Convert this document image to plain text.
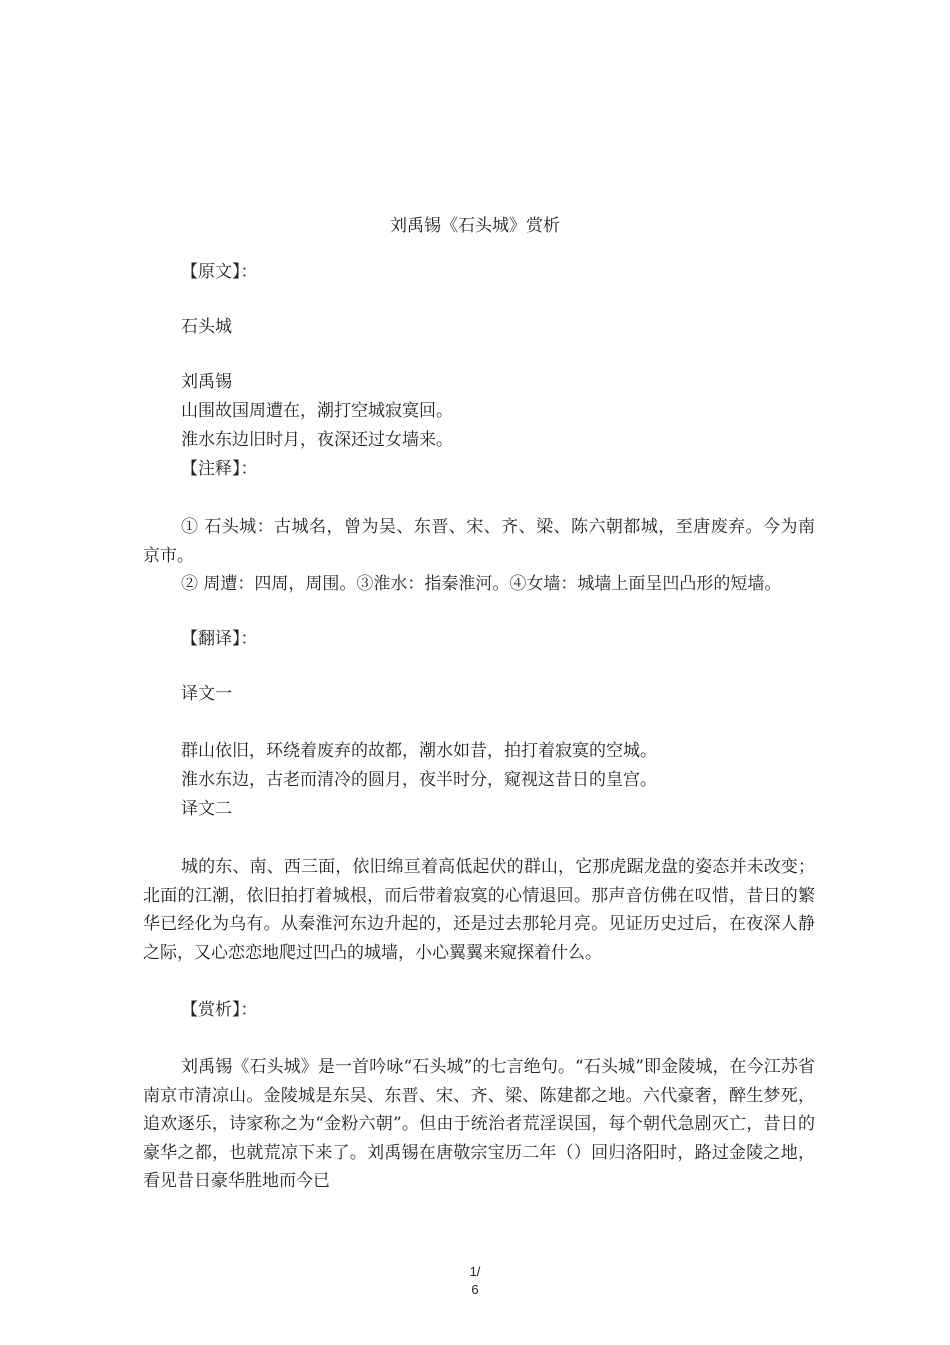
刘禹锡《石头城》赏析
【原文】：
石头城
刘禹锡
山围故国周遭在，潮打空城寂寞回。
淮水东边旧时月，夜深还过女墙来。
【注释】：
① 石头城：古城名，曾为吴、东晋、宋、齐、梁、陈六朝都城，至唐废弃。今为南京市。
② 周遭：四周，周围。③淮水：指秦淮河。④女墙：城墙上面呈凹凸形的短墙。
【翻译】：
译文一
群山依旧，环绕着废弃的故都，潮水如昔，拍打着寂寞的空城。
淮水东边，古老而清冷的圆月，夜半时分，窥视这昔日的皇宫。
译文二
城的东、南、西三面，依旧绵亘着高低起伏的群山，它那虎踞龙盘的姿态并未改变；北面的江潮，依旧拍打着城根，而后带着寂寞的心情退回。那声音仿佛在叹惜，昔日的繁华已经化为乌有。从秦淮河东边升起的，还是过去那轮月亮。见证历史过后，在夜深人静之际，又心恋恋地爬过凹凸的城墙，小心翼翼来窥探着什么。
【赏析】：
刘禹锡《石头城》是一首吟咏“石头城”的七言绝句。“石头城”即金陵城，在今江苏省南京市清凉山。金陵城是东吴、东晋、宋、齐、梁、陈建都之地。六代豪奢，醉生梦死，追欢逐乐，诗家称之为“金粉六朝”。但由于统治者荒淫误国，每个朝代急剧灭亡，昔日的豪华之都，也就荒凉下来了。刘禹锡在唐敬宗宝历二年（）回归洛阳时，路过金陵之地，看见昔日豪华胜地而今已
1/
6
